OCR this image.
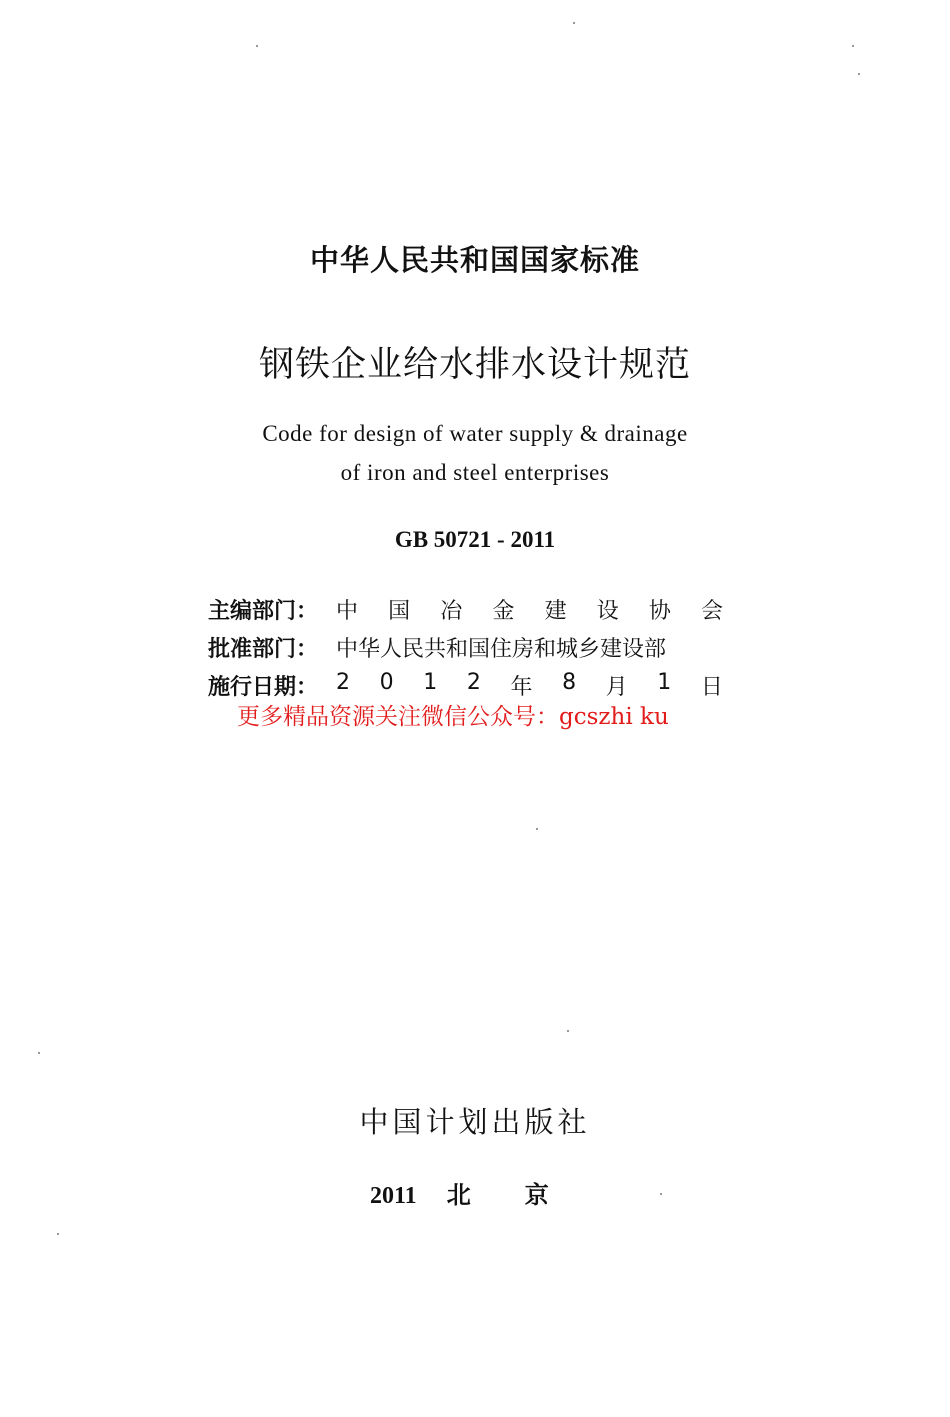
中华人民共和国国家标准
钢铁企业给水排水设计规范
Code for design of water supply & drainage
of iron and steel enterprises
GB 50721 - 2011
主编部门： 中 国 冶 金 建 设 协 会
批准部门： 中华人民共和国住房和城乡建设部
施行日期： 2 0 1 2 年 8 月 1 日
更多精品资源关注微信公众号：gcszhi ku
中国计划出版社
2011 北 京
